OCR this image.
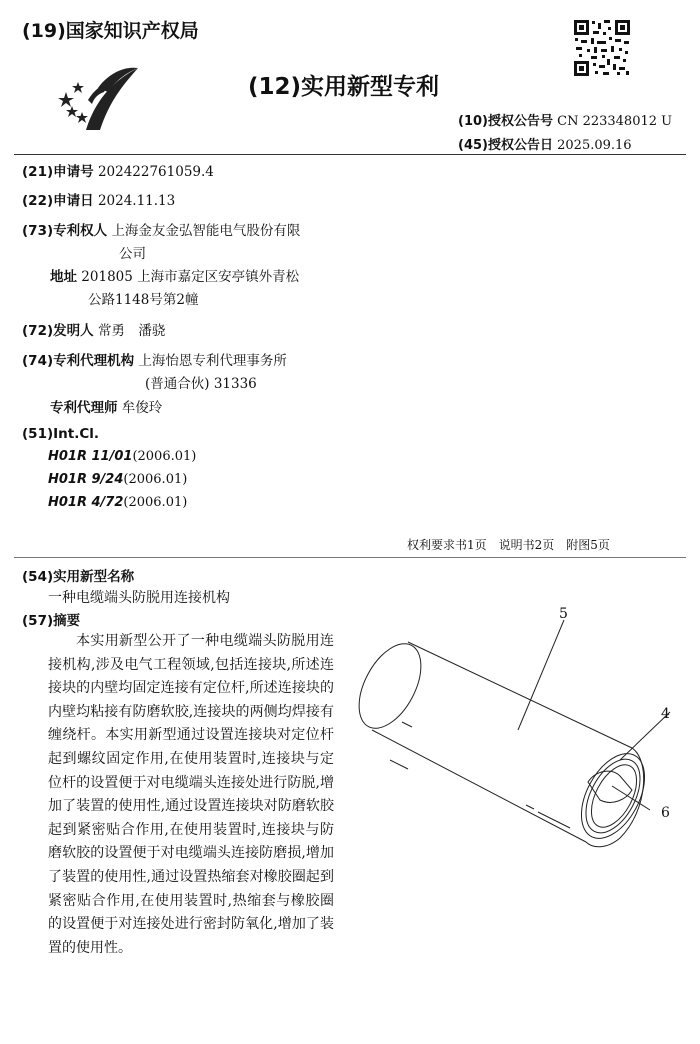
(19)国家知识产权局
(12)实用新型专利
(10)授权公告号 CN 223348012 U
(45)授权公告日 2025.09.16
(21)申请号 202422761059.4
(22)申请日 2024.11.13
(73)专利权人 上海金友金弘智能电气股份有限
公司
地址 201805 上海市嘉定区安亭镇外青松
公路1148号第2幢
(72)发明人 常勇　潘骁
(74)专利代理机构 上海怡恩专利代理事务所
(普通合伙) 31336
专利代理师 牟俊玲
(51)Int.Cl.
H01R 11/01(2006.01)
H01R 9/24(2006.01)
H01R 4/72(2006.01)
权利要求书1页　说明书2页　附图5页
(54)实用新型名称
一种电缆端头防脱用连接机构
(57)摘要
本实用新型公开了一种电缆端头防脱用连接机构,涉及电气工程领域,包括连接块,所述连接块的内壁均固定连接有定位杆,所述连接块的内壁均粘接有防磨软胶,连接块的两侧均焊接有缠绕杆。本实用新型通过设置连接块对定位杆起到螺纹固定作用,在使用装置时,连接块与定位杆的设置便于对电缆端头连接处进行防脱,增加了装置的使用性,通过设置连接块对防磨软胶起到紧密贴合作用,在使用装置时,连接块与防磨软胶的设置便于对电缆端头连接防磨损,增加了装置的使用性,通过设置热缩套对橡胶圈起到紧密贴合作用,在使用装置时,热缩套与橡胶圈的设置便于对连接处进行密封防氧化,增加了装置的使用性。
5
4
6
